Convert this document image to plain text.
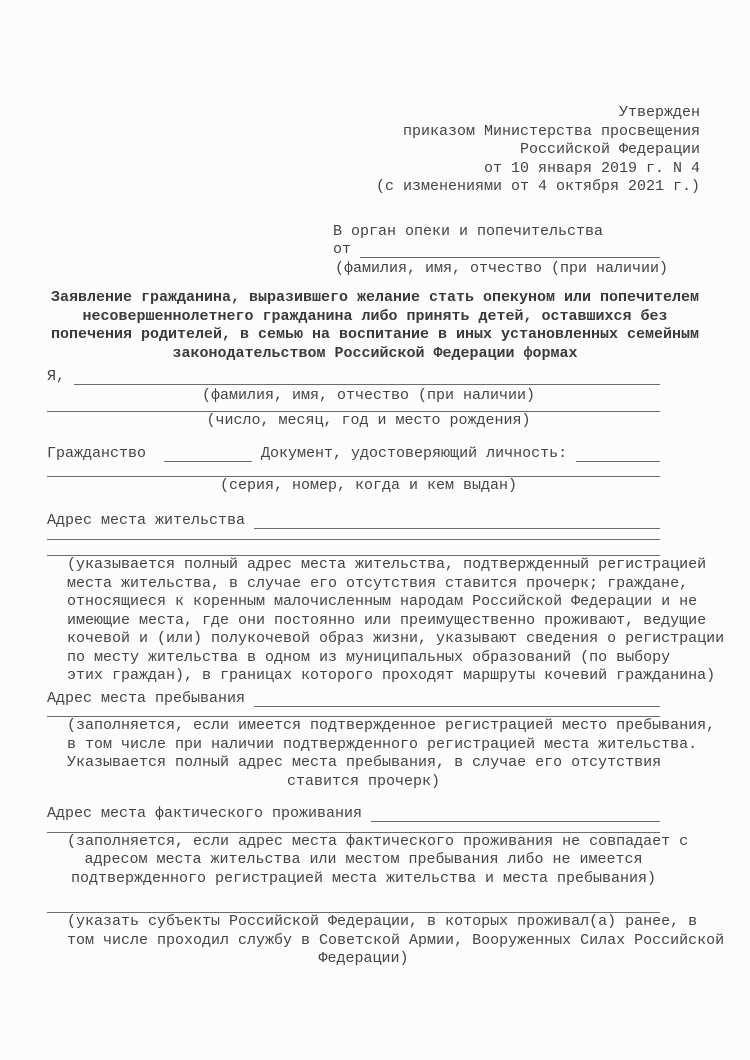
Утвержден
приказом Министерства просвещения
Российской Федерации
от 10 января 2019 г. N 4
(с изменениями от 4 октября 2021 г.)
В орган опеки и попечительства
от
(фамилия, имя, отчество (при наличии)
Заявление гражданина, выразившего желание стать опекуном или попечителем
несовершеннолетнего гражданина либо принять детей, оставшихся без
попечения родителей, в семью на воспитание в иных установленных семейным
законодательством Российской Федерации формах
Я,
(фамилия, имя, отчество (при наличии)
(число, месяц, год и место рождения)
Гражданство	Документ, удостоверяющий личность:
(серия, номер, когда и кем выдан)
Адрес места жительства
(указывается полный адрес места жительства, подтвержденный регистрацией
места жительства, в случае его отсутствия ставится прочерк; граждане,
относящиеся к коренным малочисленным народам Российской Федерации и не
имеющие места, где они постоянно или преимущественно проживают, ведущие
кочевой и (или) полукочевой образ жизни, указывают сведения о регистрации
по месту жительства в одном из муниципальных образований (по выбору
этих граждан), в границах которого проходят маршруты кочевий гражданина)
Адрес места пребывания
(заполняется, если имеется подтвержденное регистрацией место пребывания,
в том числе при наличии подтвержденного регистрацией места жительства.
Указывается полный адрес места пребывания, в случае его отсутствия
ставится прочерк)
Адрес места фактического проживания
(заполняется, если адрес места фактического проживания не совпадает с
адресом места жительства или местом пребывания либо не имеется
подтвержденного регистрацией места жительства и места пребывания)
(указать субъекты Российской Федерации, в которых проживал(а) ранее, в
том числе проходил службу в Советской Армии, Вооруженных Силах Российской
Федерации)
